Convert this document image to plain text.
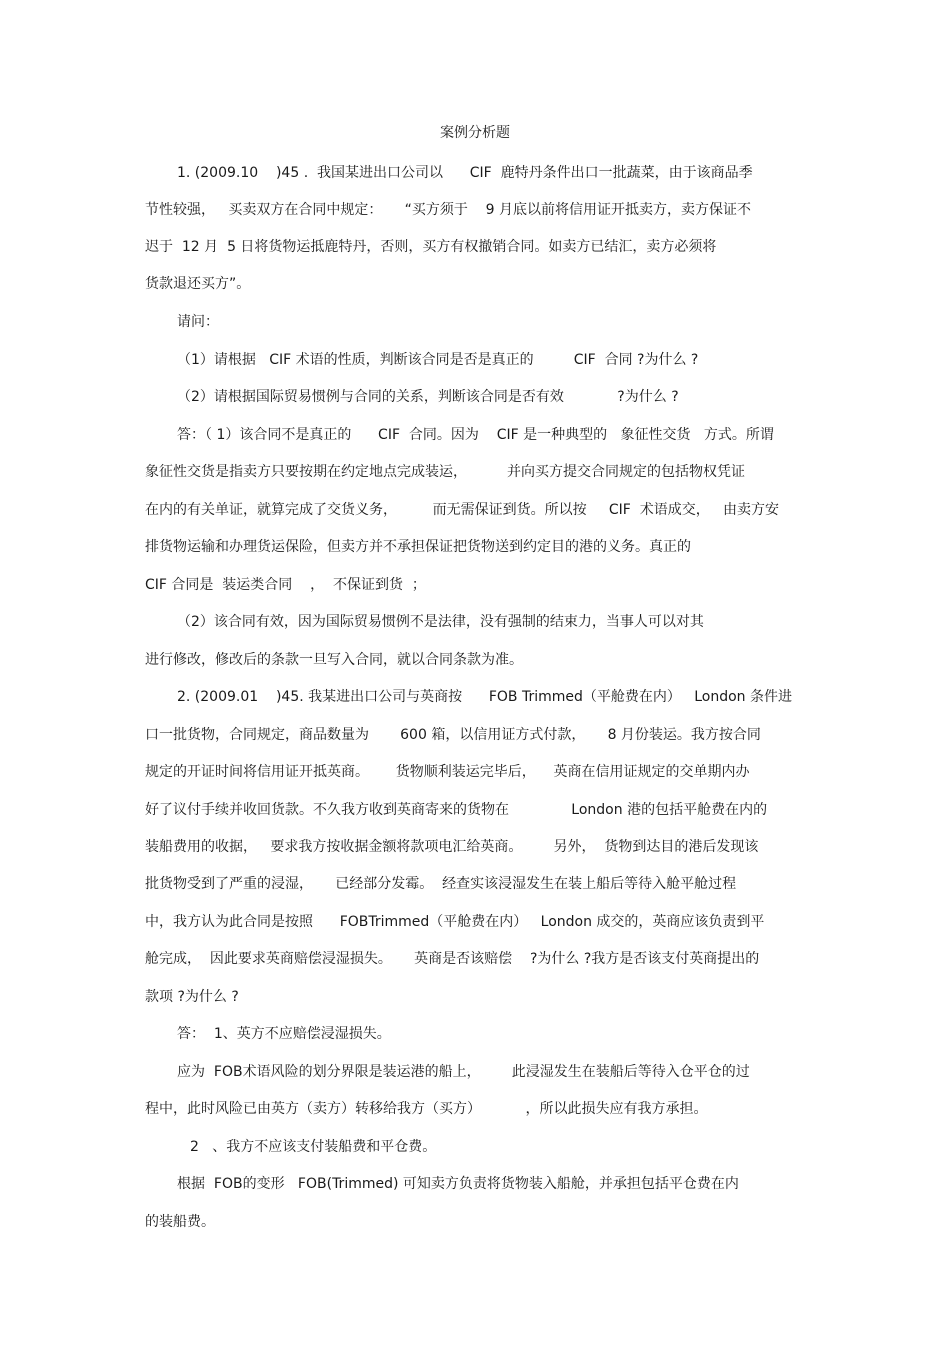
案例分析题
1. (2009.10    )45 .  我国某进出口公司以      CIF  鹿特丹条件出口一批蔬菜，由于该商品季
节性较强，   买卖双方在合同中规定：     “买方须于    9 月底以前将信用证开抵卖方，卖方保证不
迟于  12 月  5 日将货物运抵鹿特丹，否则，买方有权撤销合同。如卖方已结汇，卖方必须将
货款退还买方”。
请问：
（1）请根据   CIF 术语的性质，判断该合同是否是真正的         CIF  合同 ?为什么 ?
（2）请根据国际贸易惯例与合同的关系，判断该合同是否有效            ?为什么 ?
答：（ 1）该合同不是真正的      CIF  合同。因为    CIF 是一种典型的   象征性交货   方式。所谓
象征性交货是指卖方只要按期在约定地点完成装运，         并向买方提交合同规定的包括物权凭证
在内的有关单证，就算完成了交货义务，        而无需保证到货。所以按     CIF  术语成交，   由卖方安
排货物运输和办理货运保险，但卖方并不承担保证把货物送到约定目的港的义务。真正的
CIF 合同是  装运类合同    ，  不保证到货  ；
（2）该合同有效，因为国际贸易惯例不是法律，没有强制的结束力，当事人可以对其
进行修改，修改后的条款一旦写入合同，就以合同条款为准。
2. (2009.01    )45. 我某进出口公司与英商按      FOB Trimmed（平舱费在内）   London 条件进
口一批货物，合同规定，商品数量为       600 箱，以信用证方式付款，     8 月份装运。我方按合同
规定的开证时间将信用证开抵英商。      货物顺利装运完毕后，    英商在信用证规定的交单期内办
好了议付手续并收回货款。不久我方收到英商寄来的货物在              London 港的包括平舱费在内的
装船费用的收据，   要求我方按收据金额将款项电汇给英商。       另外，  货物到达目的港后发现该
批货物受到了严重的浸湿，     已经部分发霉。  经查实该浸湿发生在装上船后等待入舱平舱过程
中，我方认为此合同是按照      FOBTrimmed（平舱费在内）   London 成交的，英商应该负责到平
舱完成，  因此要求英商赔偿浸湿损失。     英商是否该赔偿    ?为什么 ?我方是否该支付英商提出的
款项 ?为什么 ?
答：  1、英方不应赔偿浸湿损失。
应为  FOB术语风险的划分界限是装运港的船上，       此浸湿发生在装船后等待入仓平仓的过
程中，此时风险已由英方（卖方）转移给我方（买方）          ，所以此损失应有我方承担。
2   、我方不应该支付装船费和平仓费。
根据  FOB的变形   FOB(Trimmed) 可知卖方负责将货物装入船舱，并承担包括平仓费在内
的装船费。
